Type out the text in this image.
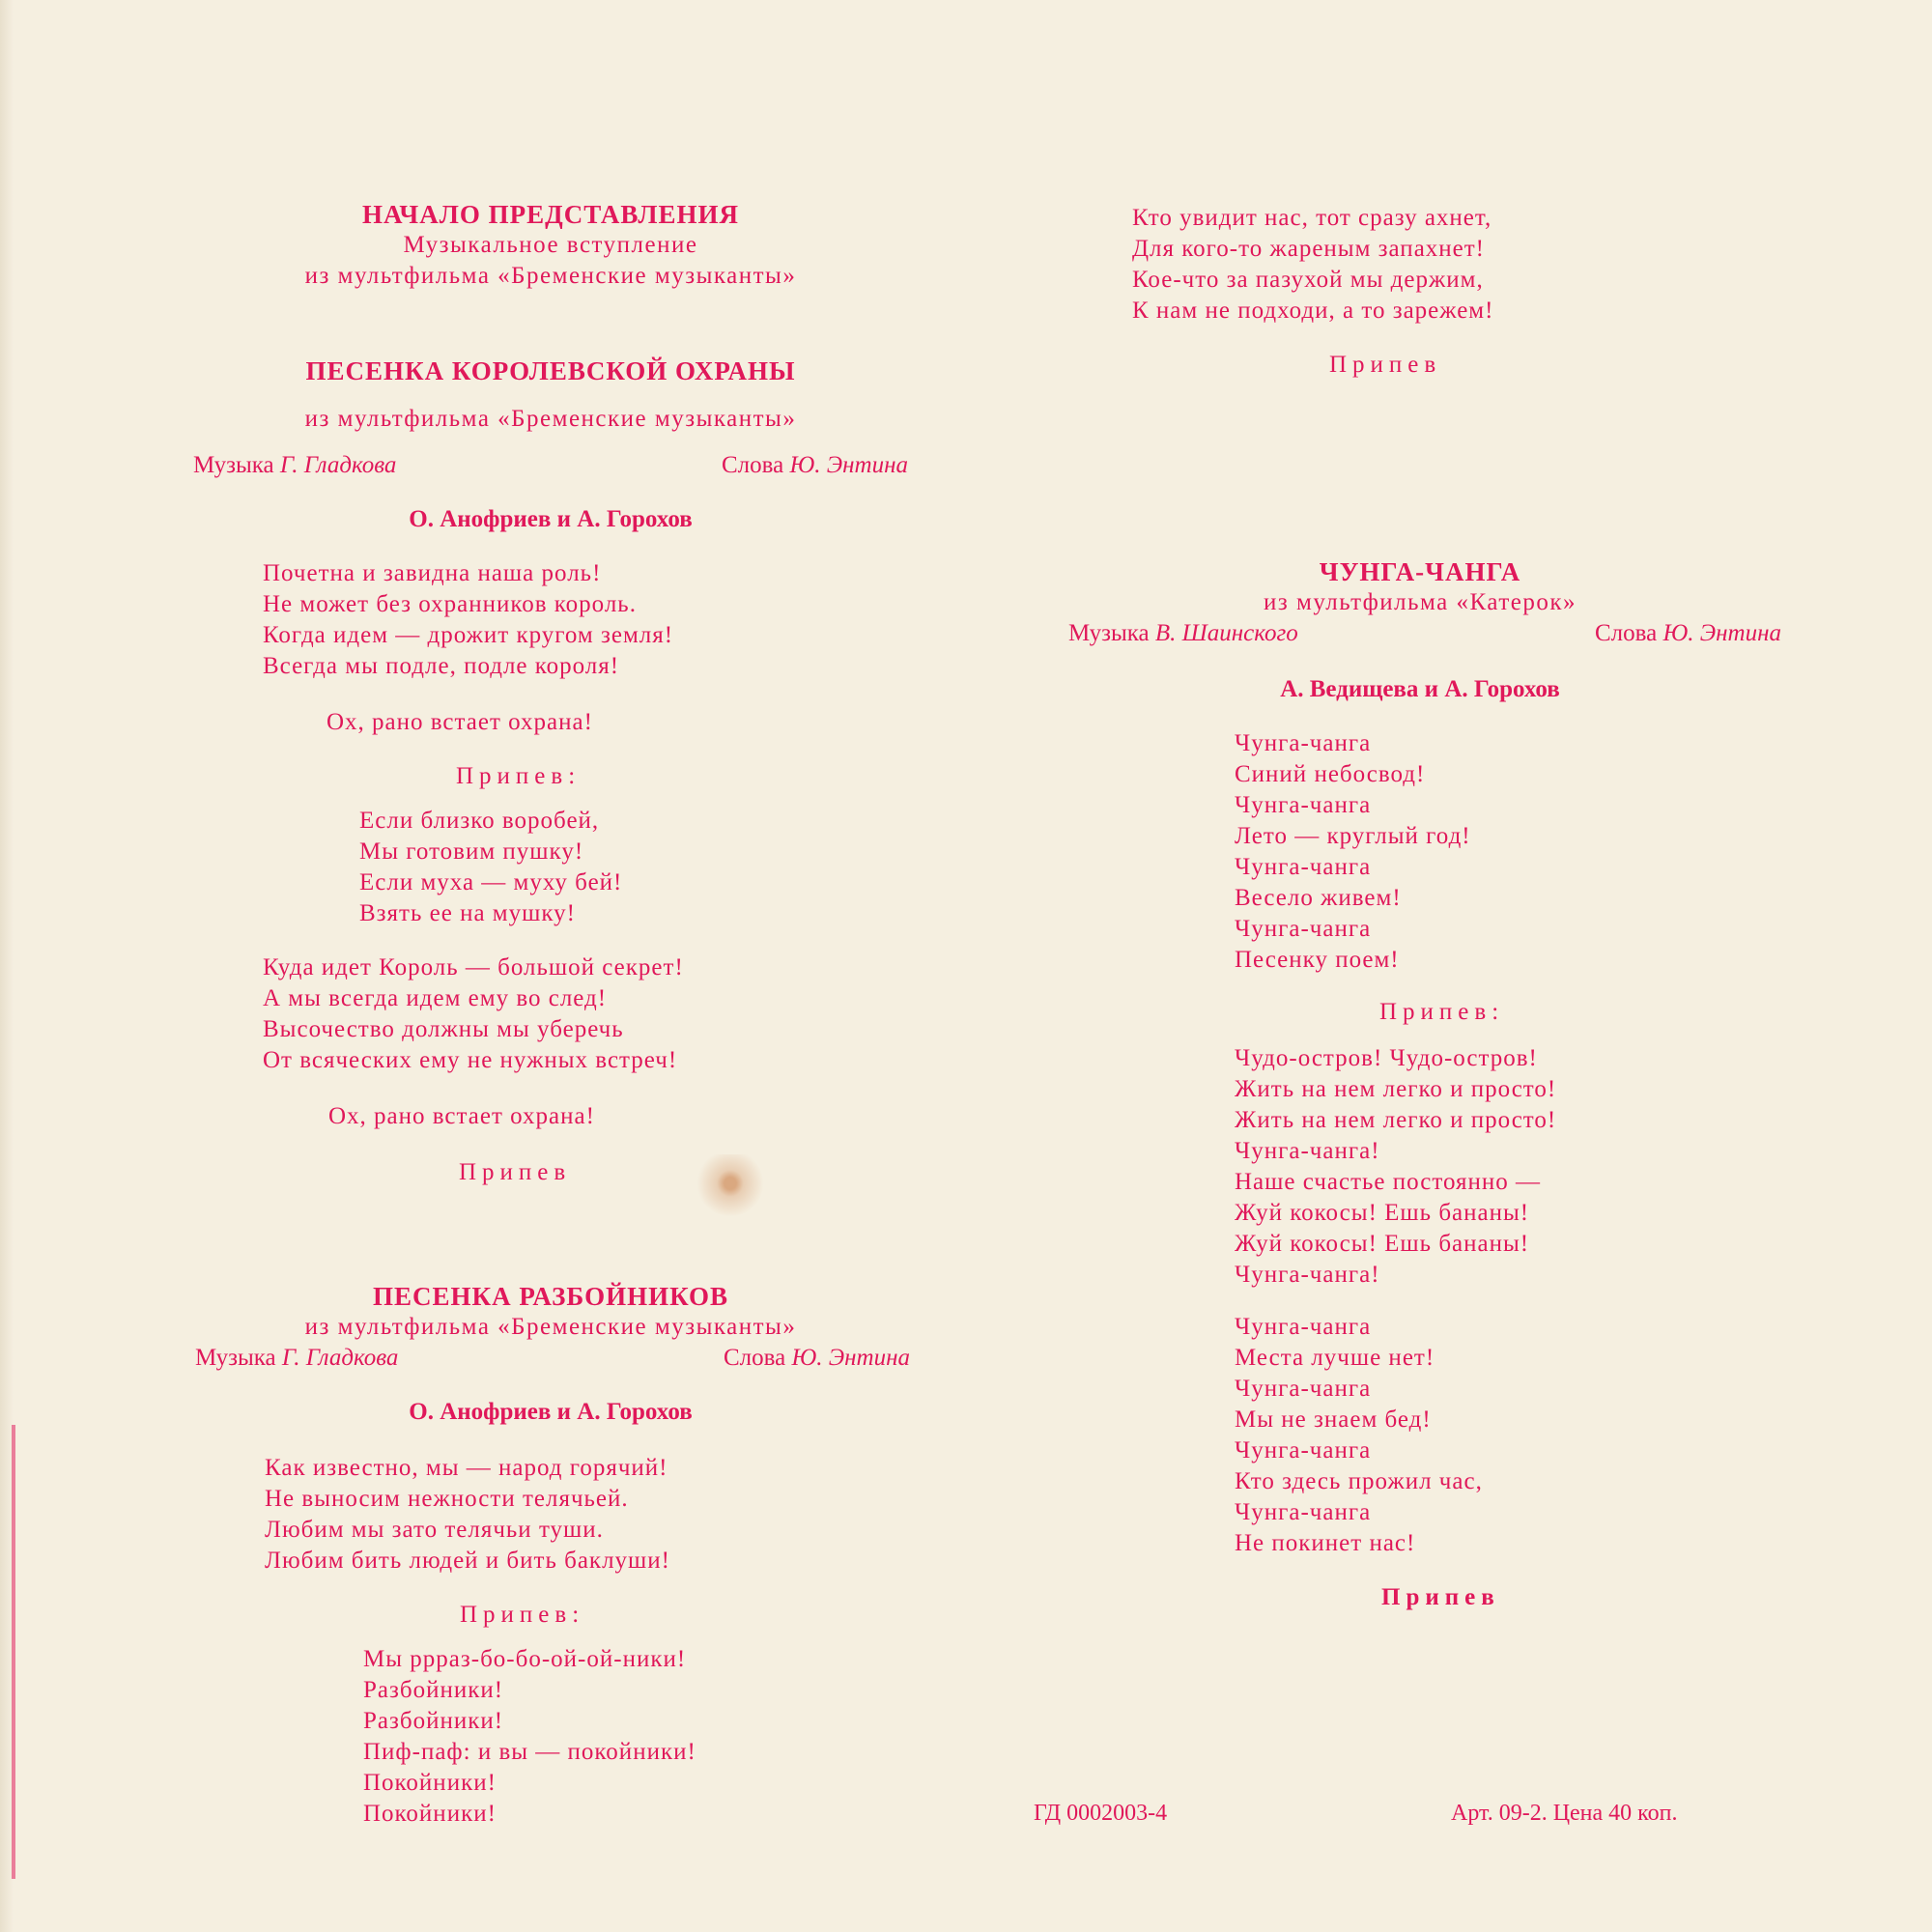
НАЧАЛО ПРЕДСТАВЛЕНИЯ
Музыкальное вступление
из мультфильма «Бременские музыканты»
ПЕСЕНКА КОРОЛЕВСКОЙ ОХРАНЫ
из мультфильма «Бременские музыканты»
Музыка Г. Гладкова	Слова Ю. Энтина
О. Анофриев и А. Горохов
Почетна и завидна наша роль!
Не может без охранников король.
Когда идем — дрожит кругом земля!
Всегда мы подле, подле короля!
Ох, рано встает охрана!
Припев:
Если близко воробей,
Мы готовим пушку!
Если муха — муху бей!
Взять ее на мушку!
Куда идет Король — большой секрет!
А мы всегда идем ему во след!
Высочество должны мы уберечь
От всяческих ему не нужных встреч!
Ох, рано встает охрана!
Припев
ПЕСЕНКА РАЗБОЙНИКОВ
из мультфильма «Бременские музыканты»
Музыка Г. Гладкова	Слова Ю. Энтина
О. Анофриев и А. Горохов
Как известно, мы — народ горячий!
Не выносим нежности телячьей.
Любим мы зато телячьи туши.
Любим бить людей и бить баклуши!
Припев:
Мы ррраз-бо-бо-ой-ой-ники!
Разбойники!
Разбойники!
Пиф-паф: и вы — покойники!
Покойники!
Покойники!
Кто увидит нас, тот сразу ахнет,
Для кого-то жареным запахнет!
Кое-что за пазухой мы держим,
К нам не подходи, а то зарежем!
Припев
ЧУНГА-ЧАНГА
из мультфильма «Катерок»
Музыка В. Шаинского	Слова Ю. Энтина
А. Ведищева и А. Горохов
Чунга-чанга
Синий небосвод!
Чунга-чанга
Лето — круглый год!
Чунга-чанга
Весело живем!
Чунга-чанга
Песенку поем!
Припев:
Чудо-остров! Чудо-остров!
Жить на нем легко и просто!
Жить на нем легко и просто!
Чунга-чанга!
Наше счастье постоянно —
Жуй кокосы! Ешь бананы!
Жуй кокосы! Ешь бананы!
Чунга-чанга!
Чунга-чанга
Места лучше нет!
Чунга-чанга
Мы не знаем бед!
Чунга-чанга
Кто здесь прожил час,
Чунга-чанга
Не покинет нас!
Припев
ГД 0002003-4	Арт. 09-2. Цена 40 коп.
